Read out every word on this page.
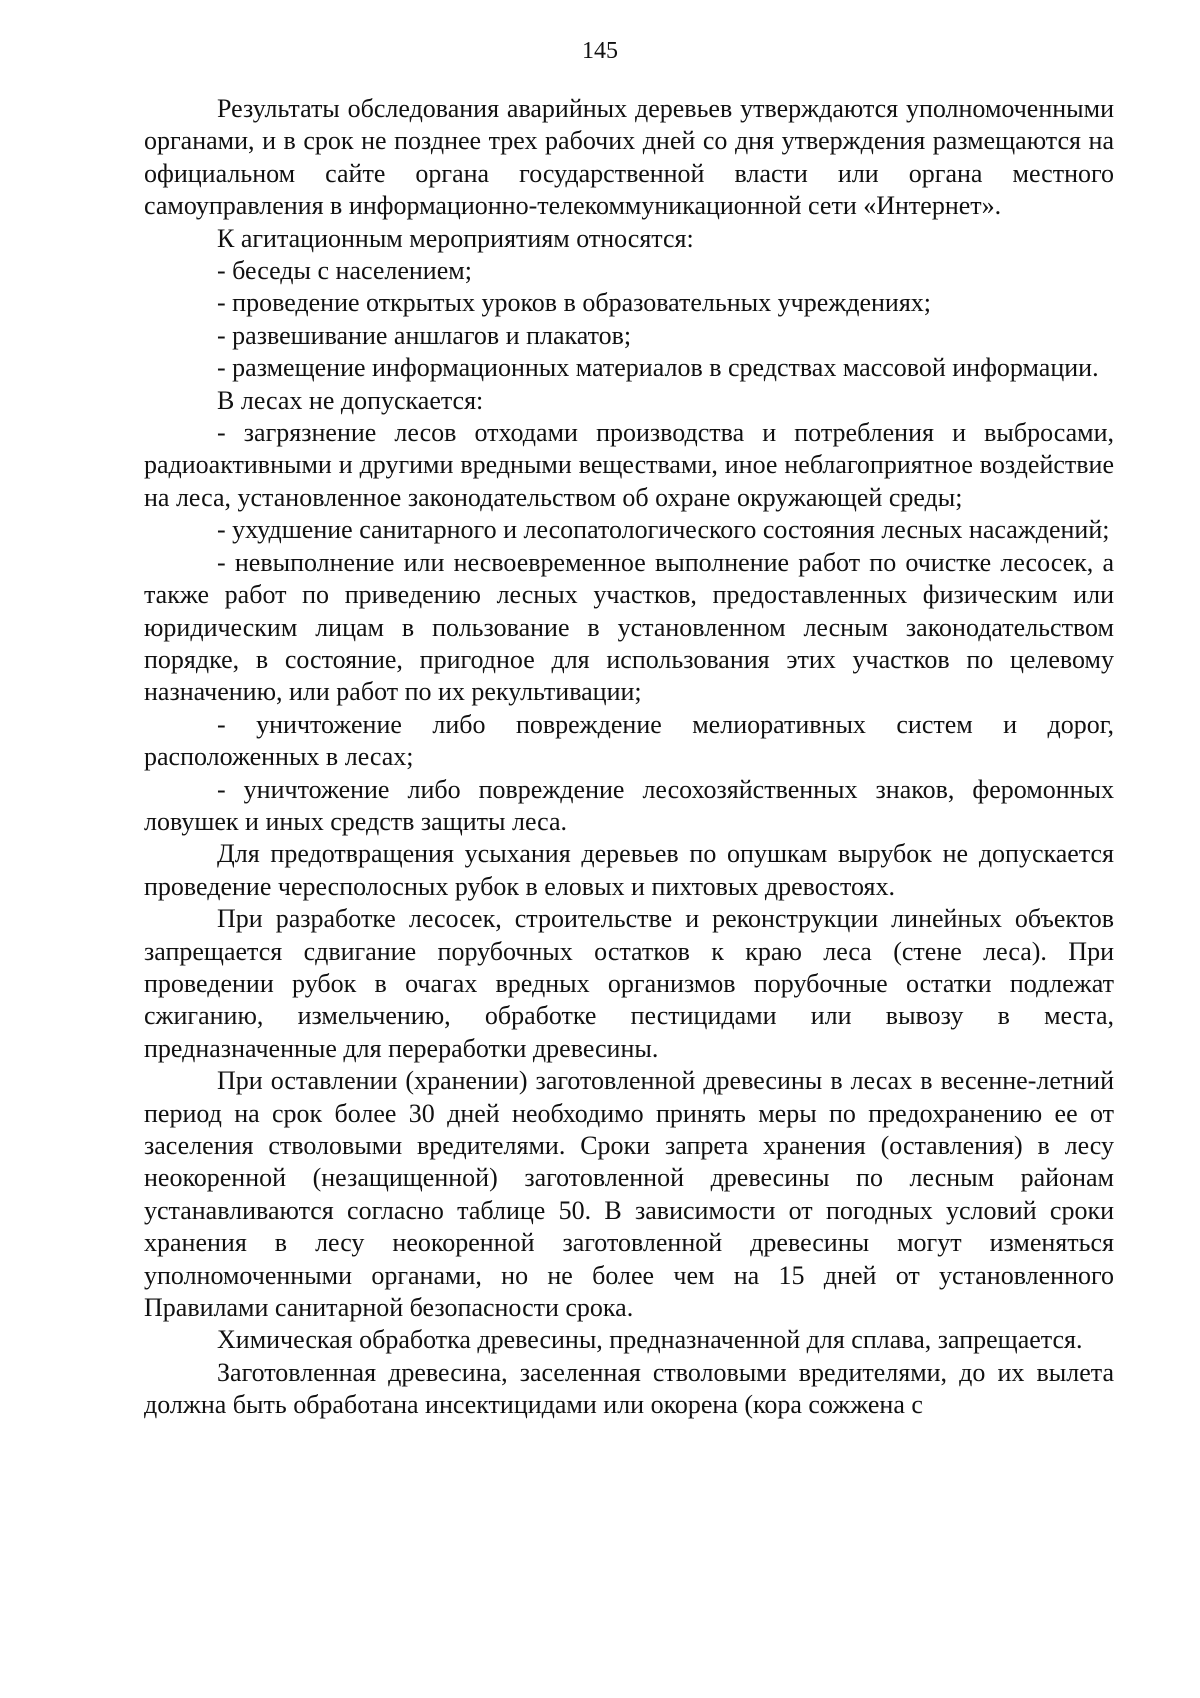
145

Результаты обследования аварийных деревьев утверждаются уполномоченными органами, и в срок не позднее трех рабочих дней со дня утверждения размещаются на официальном сайте органа государственной власти или органа местного самоуправления в информационно-телекоммуникационной сети «Интернет».

К агитационным мероприятиям относятся:

- беседы с населением;

- проведение открытых уроков в образовательных учреждениях;

- развешивание аншлагов и плакатов;

- размещение информационных материалов в средствах массовой информации.

В лесах не допускается:

- загрязнение лесов отходами производства и потребления и выбросами, радиоактивными и другими вредными веществами, иное неблагоприятное воздействие на леса, установленное законодательством об охране окружающей среды;

- ухудшение санитарного и лесопатологического состояния лесных насаждений;

- невыполнение или несвоевременное выполнение работ по очистке лесосек, а также работ по приведению лесных участков, предоставленных физическим или юридическим лицам в пользование в установленном лесным законодательством порядке, в состояние, пригодное для использования этих участков по целевому назначению, или работ по их рекультивации;

- уничтожение либо повреждение мелиоративных систем и дорог, расположенных в лесах;

- уничтожение либо повреждение лесохозяйственных знаков, феромонных ловушек и иных средств защиты леса.

Для предотвращения усыхания деревьев по опушкам вырубок не допускается проведение чересполосных рубок в еловых и пихтовых древостоях.

При разработке лесосек, строительстве и реконструкции линейных объектов запрещается сдвигание порубочных остатков к краю леса (стене леса). При проведении рубок в очагах вредных организмов порубочные остатки подлежат сжиганию, измельчению, обработке пестицидами или вывозу в места, предназначенные для переработки древесины.

При оставлении (хранении) заготовленной древесины в лесах в весенне-летний период на срок более 30 дней необходимо принять меры по предохранению ее от заселения стволовыми вредителями. Сроки запрета хранения (оставления) в лесу неокоренной (незащищенной) заготовленной древесины по лесным районам устанавливаются согласно таблице 50. В зависимости от погодных условий сроки хранения в лесу неокоренной заготовленной древесины могут изменяться уполномоченными органами, но не более чем на 15 дней от установленного Правилами санитарной безопасности срока.

Химическая обработка древесины, предназначенной для сплава, запрещается.

Заготовленная древесина, заселенная стволовыми вредителями, до их вылета должна быть обработана инсектицидами или окорена (кора сожжена с
